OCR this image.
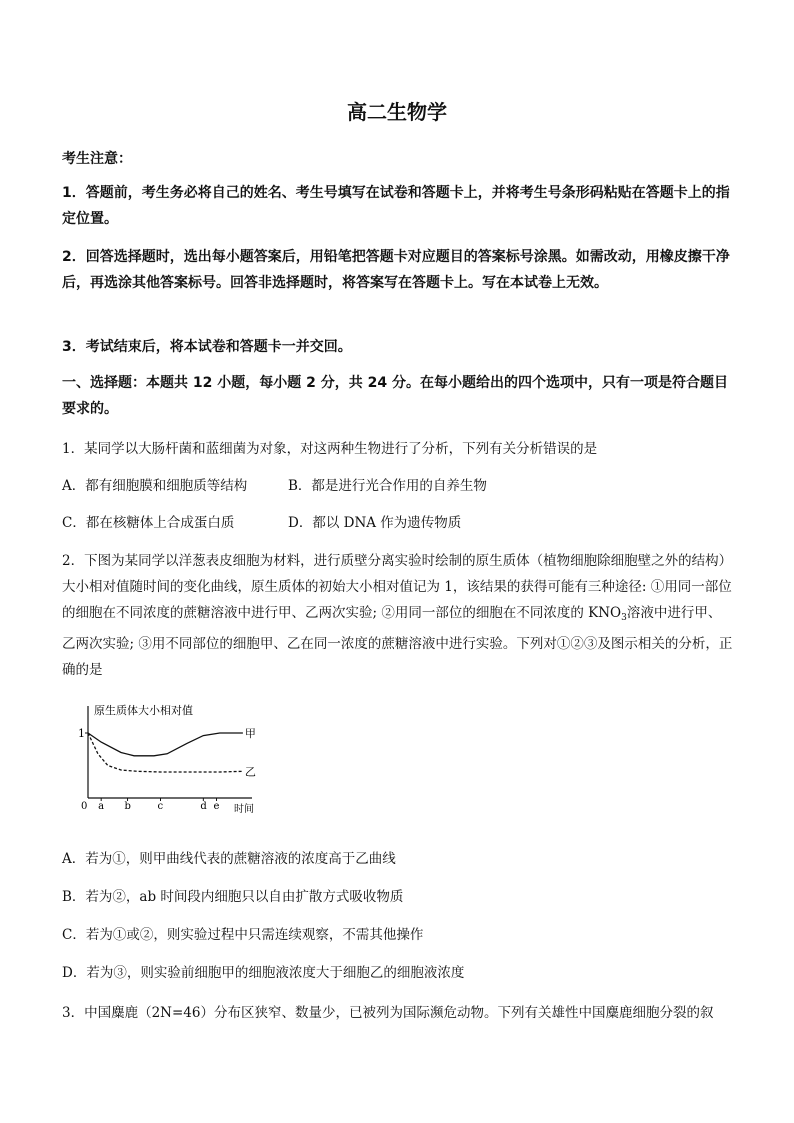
高二生物学
考生注意：
1．答题前，考生务必将自己的姓名、考生号填写在试卷和答题卡上，并将考生号条形码粘贴在答题卡上的指定位置。
2．回答选择题时，选出每小题答案后，用铅笔把答题卡对应题目的答案标号涂黑。如需改动，用橡皮擦干净后，再选涂其他答案标号。回答非选择题时，将答案写在答题卡上。写在本试卷上无效。
3．考试结束后，将本试卷和答题卡一并交回。
一、选择题：本题共 12 小题，每小题 2 分，共 24 分。在每小题给出的四个选项中，只有一项是符合题目要求的。
1．某同学以大肠杆菌和蓝细菌为对象，对这两种生物进行了分析，下列有关分析错误的是
A．都有细胞膜和细胞质等结构	B．都是进行光合作用的自养生物
C．都在核糖体上合成蛋白质	D．都以 DNA 作为遗传物质
2．下图为某同学以洋葱表皮细胞为材料，进行质壁分离实验时绘制的原生质体（植物细胞除细胞壁之外的结构）大小相对值随时间的变化曲线，原生质体的初始大小相对值记为 1，该结果的获得可能有三种途径: ①用同一部位的细胞在不同浓度的蔗糖溶液中进行甲、乙两次实验; ②用同一部位的细胞在不同浓度的 $KNO_3$溶液中进行甲、乙两次实验; ③用不同部位的细胞甲、乙在同一浓度的蔗糖溶液中进行实验。下列对①②③及图示相关的分析，正确的是
原生质体大小相对值
时间
1
0 a b	c	d e
甲
乙
A．若为①，则甲曲线代表的蔗糖溶液的浓度高于乙曲线
B．若为②，ab 时间段内细胞只以自由扩散方式吸收物质
C．若为①或②，则实验过程中只需连续观察，不需其他操作
D．若为③，则实验前细胞甲的细胞液浓度大于细胞乙的细胞液浓度
3．中国麋鹿（2N=46）分布区狭窄、数量少，已被列为国际濒危动物。下列有关雄性中国麋鹿细胞分裂的叙
